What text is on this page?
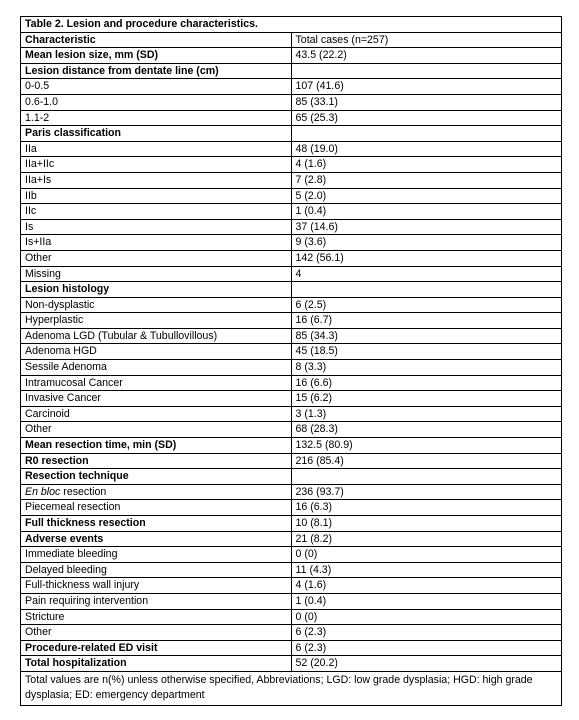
Table 2. Lesion and procedure characteristics.	
Characteristic	Total cases (n=257)
Mean lesion size, mm (SD)	43.5 (22.2)
Lesion distance from dentate line (cm)	
0-0.5	107 (41.6)
0.6-1.0	85 (33.1)
1.1-2	65 (25.3)
Paris classification	
IIa	48 (19.0)
IIa+IIc	4 (1.6)
IIa+Is	7 (2.8)
IIb	5 (2.0)
IIc	1 (0.4)
Is	37 (14.6)
Is+IIa	9 (3.6)
Other	142 (56.1)
Missing	4
Lesion histology	
Non-dysplastic	6 (2.5)
Hyperplastic	16 (6.7)
Adenoma LGD (Tubular & Tubullovillous)	85 (34.3)
Adenoma HGD	45 (18.5)
Sessile Adenoma	8 (3.3)
Intramucosal Cancer	16 (6.6)
Invasive Cancer	15 (6.2)
Carcinoid	3 (1.3)
Other	68 (28.3)
Mean resection time, min (SD)	132.5 (80.9)
R0 resection	216 (85.4)
Resection technique	
En bloc resection	236 (93.7)
Piecemeal resection	16 (6.3)
Full thickness resection	10 (8.1)
Adverse events	21 (8.2)
Immediate bleeding	0 (0)
Delayed bleeding	11 (4.3)
Full-thickness wall injury	4 (1.6)
Pain requiring intervention	1 (0.4)
Stricture	0 (0)
Other	6 (2.3)
Procedure-related ED visit	6 (2.3)
Total hospitalization	52 (20.2)
Total values are n(%) unless otherwise specified, Abbreviations; LGD: low grade dysplasia; HGD: high grade dysplasia; ED: emergency department	
